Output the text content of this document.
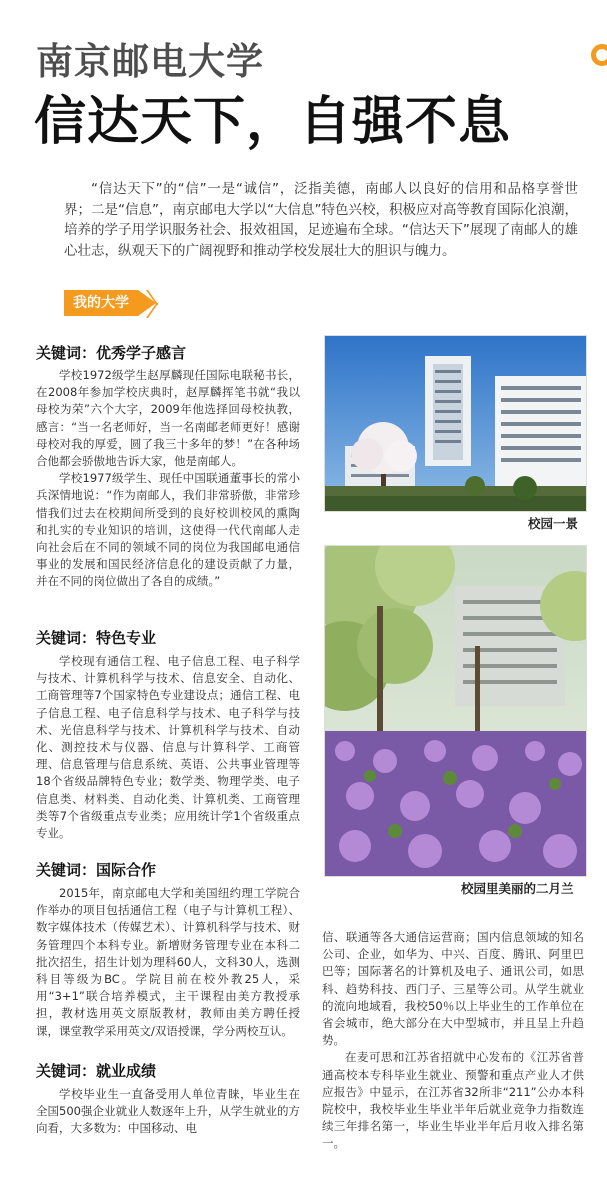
南京邮电大学
信达天下，自强不息

“信达天下”的“信”一是“诚信”，泛指美德，南邮人以良好的信用和品格享誉世界；二是“信息”，南京邮电大学以“大信息”特色兴校，积极应对高等教育国际化浪潮，培养的学子用学识服务社会、报效祖国，足迹遍布全球。“信达天下”展现了南邮人的雄心壮志，纵观天下的广阔视野和推动学校发展壮大的胆识与魄力。

我的大学
关键词：优秀学子感言

学校1972级学生赵厚麟现任国际电联秘书长，在2008年参加学校庆典时，赵厚麟挥笔书就“我以母校为荣”六个大字，2009年他选择回母校执教，感言：“当一名老师好，当一名南邮老师更好！感谢母校对我的厚爱，圆了我三十多年的梦！”在各种场合他都会骄傲地告诉大家，他是南邮人。

学校1977级学生、现任中国联通董事长的常小兵深情地说：“作为南邮人，我们非常骄傲，非常珍惜我们过去在校期间所受到的良好校训校风的熏陶和扎实的专业知识的培训，这使得一代代南邮人走向社会后在不同的领域不同的岗位为我国邮电通信事业的发展和国民经济信息化的建设贡献了力量，并在不同的岗位做出了各自的成绩。”

关键词：特色专业

学校现有通信工程、电子信息工程、电子科学与技术、计算机科学与技术、信息安全、自动化、工商管理等7个国家特色专业建设点；通信工程、电子信息工程、电子信息科学与技术、电子科学与技术、光信息科学与技术、计算机科学与技术、自动化、测控技术与仪器、信息与计算科学、工商管理、信息管理与信息系统、英语、公共事业管理等18个省级品牌特色专业；数学类、物理学类、电子信息类、材料类、自动化类、计算机类、工商管理类等7个省级重点专业类；应用统计学1个省级重点专业。

关键词：国际合作

2015年，南京邮电大学和美国纽约理工学院合作举办的项目包括通信工程（电子与计算机工程）、数字媒体技术（传媒艺术）、计算机科学与技术、财务管理四个本科专业。新增财务管理专业在本科二批次招生，招生计划为理科60人，文科30人，选测科目等级为BC。学院目前在校外教25人，采用“3+1”联合培养模式，主干课程由美方教授承担，教材选用英文原版教材，教师由美方聘任授课，课堂教学采用英文/双语授课，学分两校互认。

关键词：就业成绩

学校毕业生一直备受用人单位青睐，毕业生在全国500强企业就业人数逐年上升，从学生就业的方向看，大多数为：中国移动、电

信、联通等各大通信运营商；国内信息领域的知名公司、企业，如华为、中兴、百度、腾讯、阿里巴巴等；国际著名的计算机及电子、通讯公司，如思科、趋势科技、西门子、三星等公司。从学生就业的流向地域看，我校50％以上毕业生的工作单位在省会城市，绝大部分在大中型城市，并且呈上升趋势。

在麦可思和江苏省招就中心发布的《江苏省普通高校本专科毕业生就业、预警和重点产业人才供应报告》中显示，在江苏省32所非“211”公办本科院校中，我校毕业生毕业半年后就业竞争力指数连续三年排名第一，毕业生毕业半年后月收入排名第一。

校园一景

校园里美丽的二月兰
